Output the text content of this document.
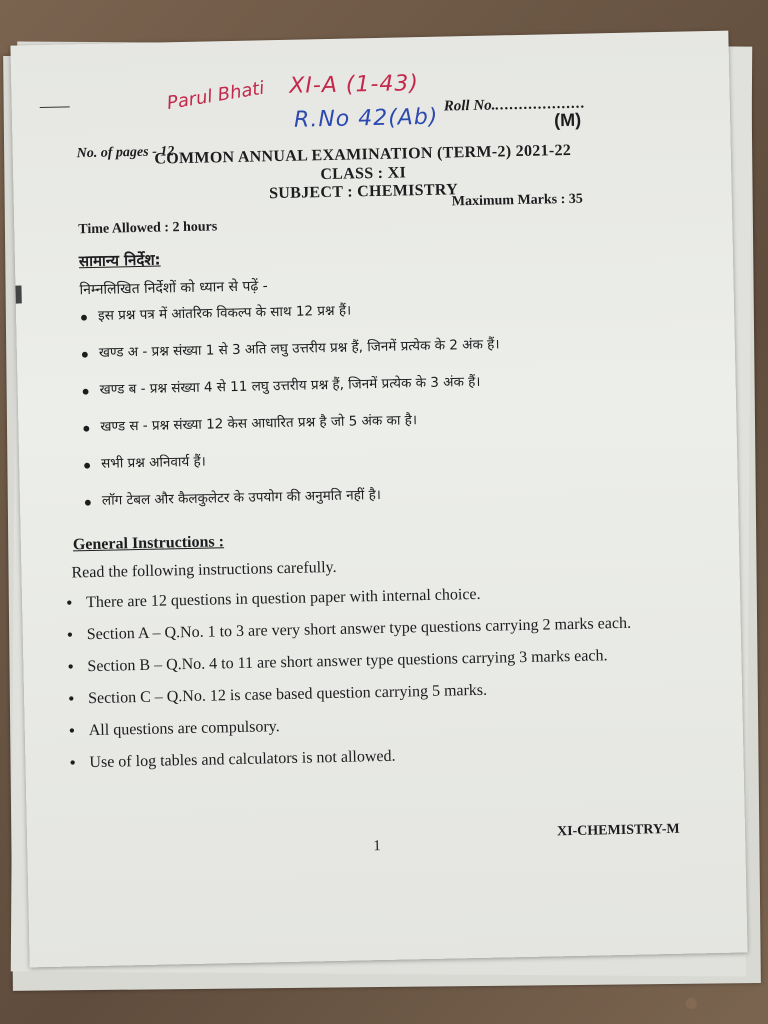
Parul Bhati XI-A (1-43)
R.No 42(Ab) Roll No....................
(M)
No. of pages - 12
COMMON ANNUAL EXAMINATION (TERM-2) 2021-22
CLASS : XI
SUBJECT : CHEMISTRY
Maximum Marks : 35
Time Allowed : 2 hours
सामान्य निर्देश:
निम्नलिखित निर्देशों को ध्यान से पढ़ें -
• इस प्रश्न पत्र में आंतरिक विकल्प के साथ 12 प्रश्न हैं।
• खण्ड अ - प्रश्न संख्या 1 से 3 अति लघु उत्तरीय प्रश्न हैं, जिनमें प्रत्येक के 2 अंक हैं।
• खण्ड ब - प्रश्न संख्या 4 से 11 लघु उत्तरीय प्रश्न हैं, जिनमें प्रत्येक के 3 अंक हैं।
• खण्ड स - प्रश्न संख्या 12 केस आधारित प्रश्न है जो 5 अंक का है।
• सभी प्रश्न अनिवार्य हैं।
• लॉग टेबल और कैलकुलेटर के उपयोग की अनुमति नहीं है।
General Instructions :
Read the following instructions carefully.
• There are 12 questions in question paper with internal choice.
• Section A – Q.No. 1 to 3 are very short answer type questions carrying 2 marks each.
• Section B – Q.No. 4 to 11 are short answer type questions carrying 3 marks each.
• Section C – Q.No. 12 is case based question carrying 5 marks.
• All questions are compulsory.
• Use of log tables and calculators is not allowed.
1
XI-CHEMISTRY-M
